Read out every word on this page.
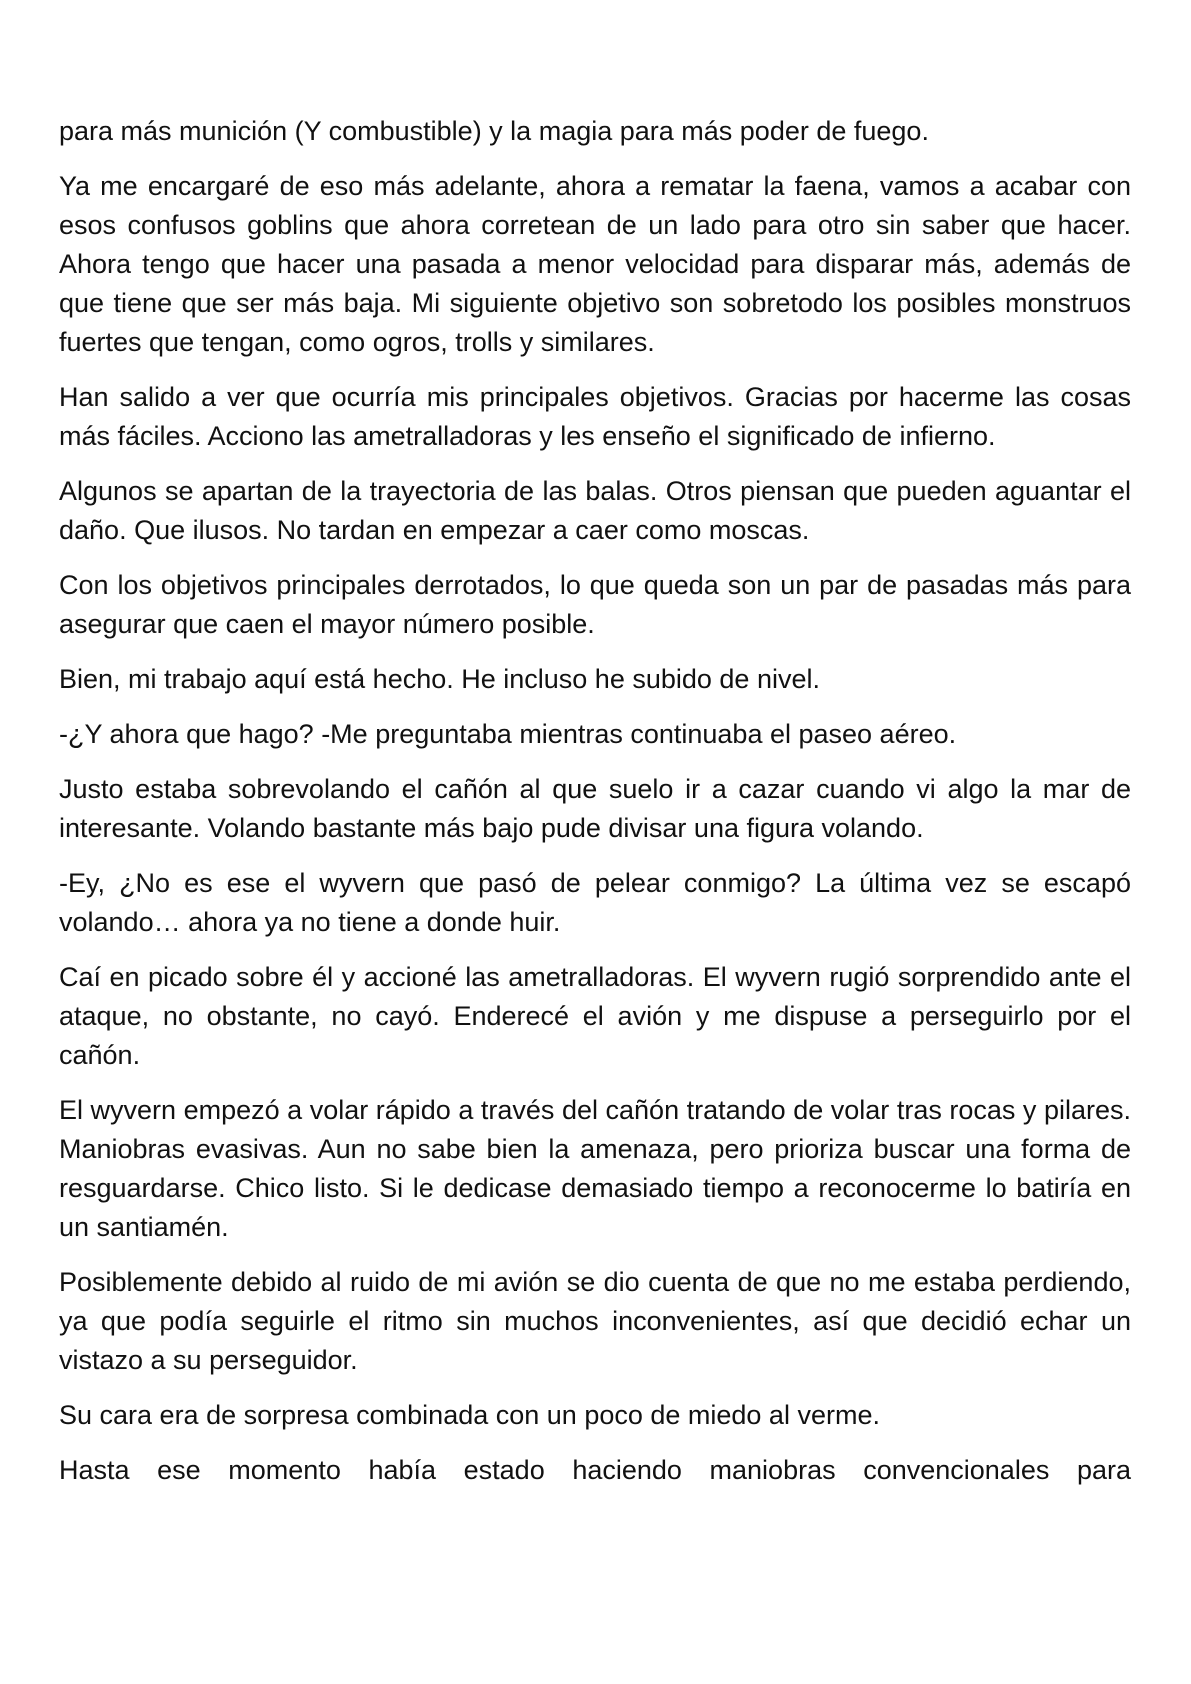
para más munición (Y combustible) y la magia para más poder de fuego.

Ya me encargaré de eso más adelante, ahora a rematar la faena, vamos a acabar con esos confusos goblins que ahora corretean de un lado para otro sin saber que hacer. Ahora tengo que hacer una pasada a menor velocidad para disparar más, además de que tiene que ser más baja. Mi siguiente objetivo son sobretodo los posibles monstruos fuertes que tengan, como ogros, trolls y similares.

Han salido a ver que ocurría mis principales objetivos. Gracias por hacerme las cosas más fáciles. Acciono las ametralladoras y les enseño el significado de infierno.

Algunos se apartan de la trayectoria de las balas. Otros piensan que pueden aguantar el daño. Que ilusos. No tardan en empezar a caer como moscas.

Con los objetivos principales derrotados, lo que queda son un par de pasadas más para asegurar que caen el mayor número posible.

Bien, mi trabajo aquí está hecho. He incluso he subido de nivel.

-¿Y ahora que hago? -Me preguntaba mientras continuaba el paseo aéreo.

Justo estaba sobrevolando el cañón al que suelo ir a cazar cuando vi algo la mar de interesante. Volando bastante más bajo pude divisar una figura volando.

-Ey, ¿No es ese el wyvern que pasó de pelear conmigo? La última vez se escapó volando… ahora ya no tiene a donde huir.

Caí en picado sobre él y accioné las ametralladoras. El wyvern rugió sorprendido ante el ataque, no obstante, no cayó. Enderecé el avión y me dispuse a perseguirlo por el cañón.

El wyvern empezó a volar rápido a través del cañón tratando de volar tras rocas y pilares. Maniobras evasivas. Aun no sabe bien la amenaza, pero prioriza buscar una forma de resguardarse. Chico listo. Si le dedicase demasiado tiempo a reconocerme lo batiría en un santiamén.

Posiblemente debido al ruido de mi avión se dio cuenta de que no me estaba perdiendo, ya que podía seguirle el ritmo sin muchos inconvenientes, así que decidió echar un vistazo a su perseguidor.

Su cara era de sorpresa combinada con un poco de miedo al verme.

Hasta ese momento había estado haciendo maniobras convencionales para
